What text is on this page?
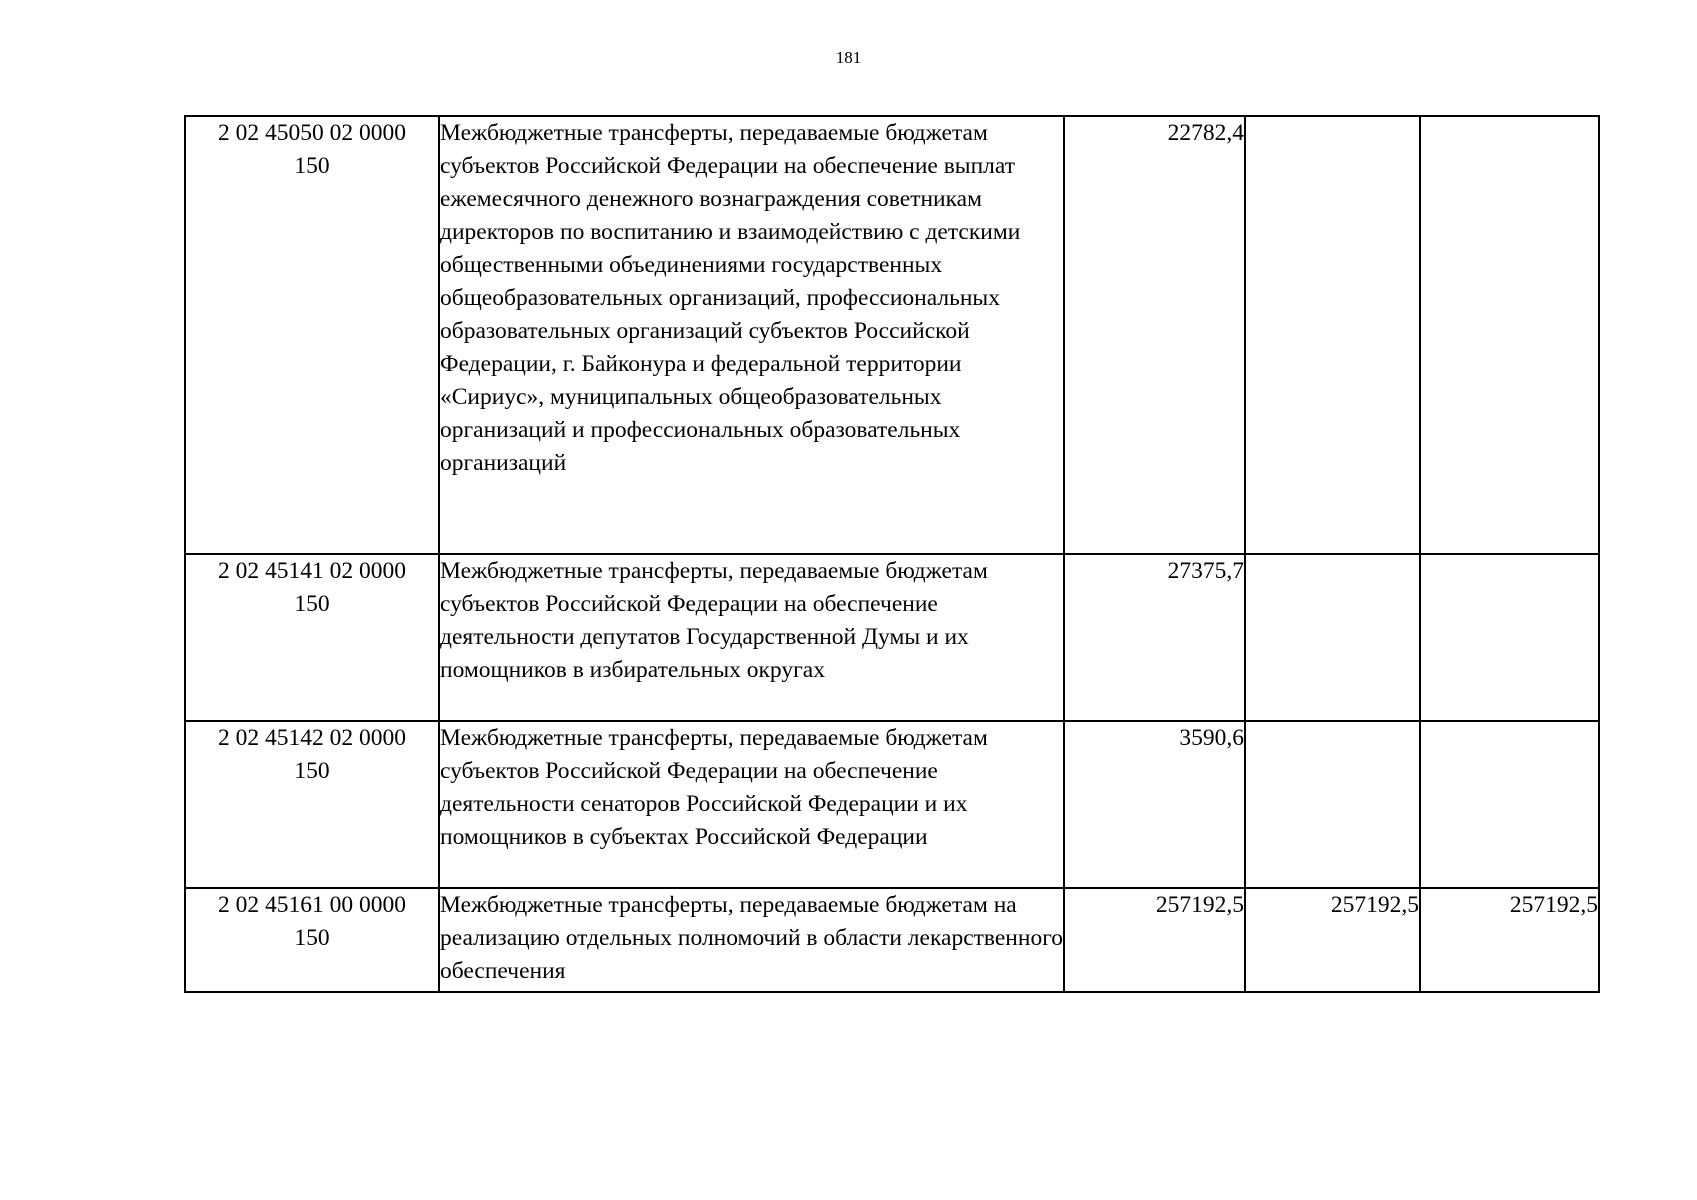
181
2 02 45050 02 0000
150	Межбюджетные трансферты, передаваемые бюджетам субъектов Российской Федерации на обеспечение выплат ежемесячного денежного вознаграждения советникам директоров по воспитанию и взаимодействию с детскими общественными объединениями государственных общеобразовательных организаций, профессиональных образовательных организаций субъектов Российской Федерации, г. Байконура и федеральной территории «Сириус», муниципальных общеобразовательных организаций и профессиональных образовательных организаций	22782,4		

2 02 45141 02 0000
150	Межбюджетные трансферты, передаваемые бюджетам субъектов Российской Федерации на обеспечение деятельности депутатов Государственной Думы и их помощников в избирательных округах	27375,7		

2 02 45142 02 0000
150	Межбюджетные трансферты, передаваемые бюджетам субъектов Российской Федерации на обеспечение деятельности сенаторов Российской Федерации и их помощников в субъектах Российской Федерации	3590,6		

2 02 45161 00 0000
150	Межбюджетные трансферты, передаваемые бюджетам на реализацию отдельных полномочий в области лекарственного обеспечения	257192,5	257192,5	257192,5
